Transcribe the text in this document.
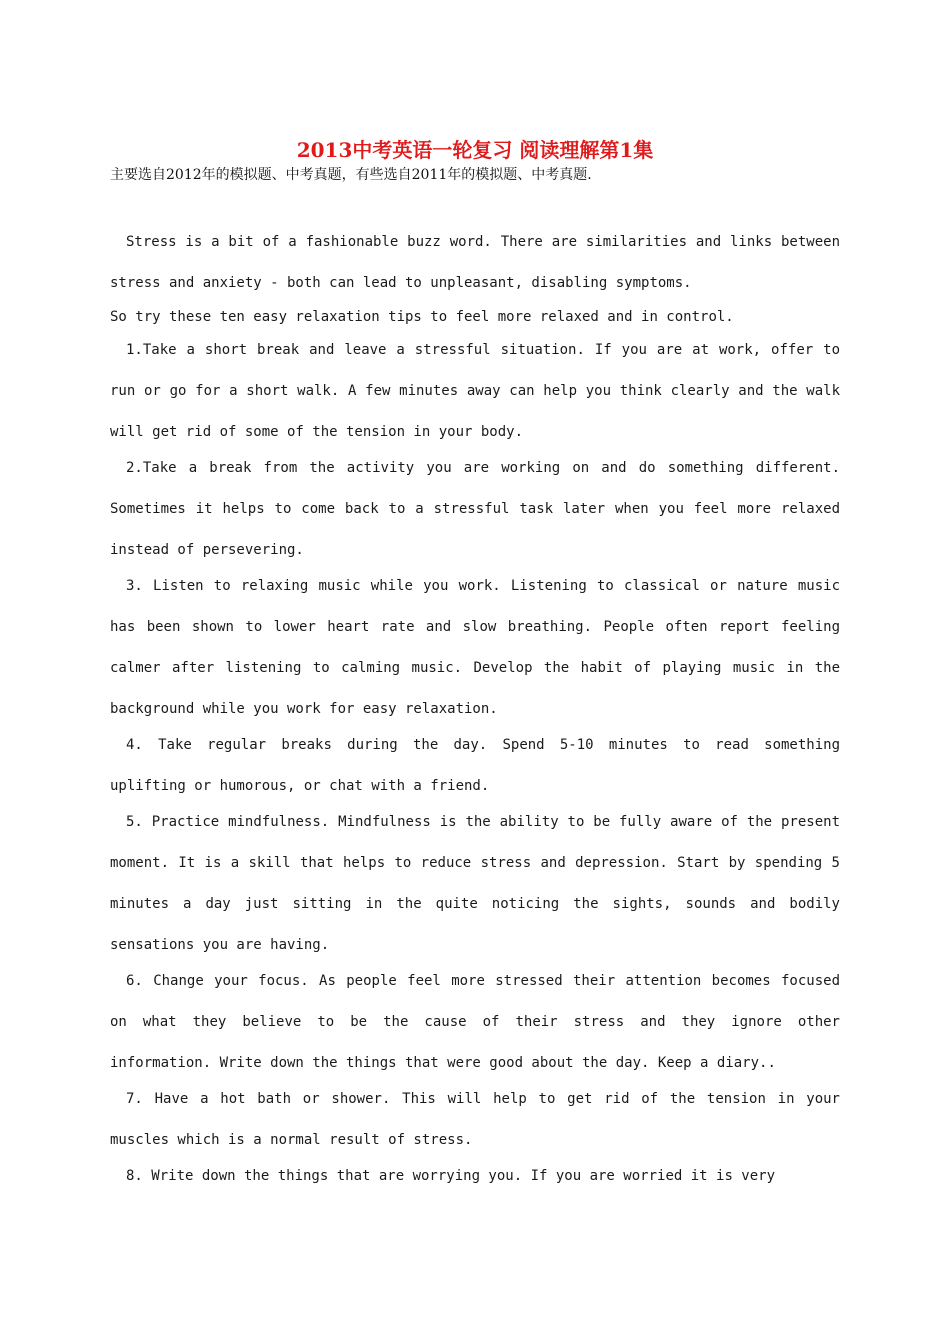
2013中考英语一轮复习 阅读理解第1集
主要选自2012年的模拟题、中考真题，有些选自2011年的模拟题、中考真题.

Stress is a bit of a fashionable buzz word. There are similarities and links between stress and anxiety - both can lead to unpleasant, disabling symptoms.

So try these ten easy relaxation tips to feel more relaxed and in control.

1.Take a short break and leave a stressful situation. If you are at work, offer to run or go for a short walk. A few minutes away can help you think clearly and the walk will get rid of some of the tension in your body.

2.Take a break from the activity you are working on and do something different. Sometimes it helps to come back to a stressful task later when you feel more relaxed instead of persevering.

3. Listen to relaxing music while you work. Listening to classical or nature music has been shown to lower heart rate and slow breathing. People often report feeling calmer after listening to calming music. Develop the habit of playing music in the background while you work for easy relaxation.

4. Take regular breaks during the day. Spend 5-10 minutes to read something uplifting or humorous, or chat with a friend.

5. Practice mindfulness. Mindfulness is the ability to be fully aware of the present moment. It is a skill that helps to reduce stress and depression. Start by spending 5 minutes a day just sitting in the quite noticing the sights, sounds and bodily sensations you are having.

6. Change your focus. As people feel more stressed their attention becomes focused on what they believe to be the cause of their stress and they ignore other information. Write down the things that were good about the day. Keep a diary..

7. Have a hot bath or shower. This will help to get rid of the tension in your muscles which is a normal result of stress.

8. Write down the things that are worrying you. If you are worried it is very
